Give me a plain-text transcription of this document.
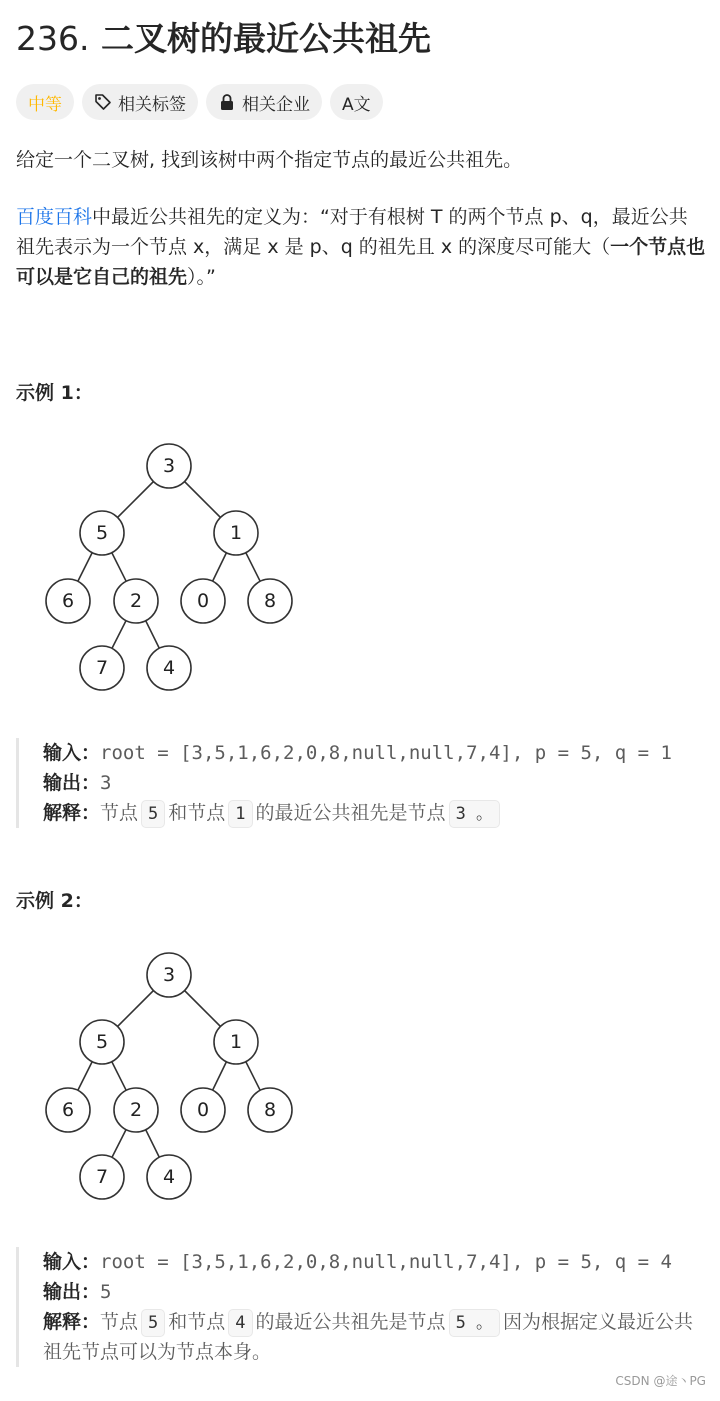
236. 二叉树的最近公共祖先
中等	相关标签	相关企业 A文

给定一个二叉树, 找到该树中两个指定节点的最近公共祖先。

百度百科中最近公共祖先的定义为：“对于有根树 T 的两个节点 p、q，最近公共祖先表示为一个节点 x，满足 x 是 p、q 的祖先且 x 的深度尽可能大（一个节点也可以是它自己的祖先）。”

示例 1：
3
5	1
6	2	0	8
7	4
输入：root = [3,5,1,6,2,0,8,null,null,7,4], p = 5, q = 1
输出：3
解释：节点 5 和节点 1 的最近公共祖先是节点 3 。
示例 2：
3
5	1
6	2	0	8
7	4
输入：root = [3,5,1,6,2,0,8,null,null,7,4], p = 5, q = 4
输出：5
解释：节点 5 和节点 4 的最近公共祖先是节点 5 。 因为根据定义最近公共祖先节点可以为节点本身。
CSDN @途丶PG
